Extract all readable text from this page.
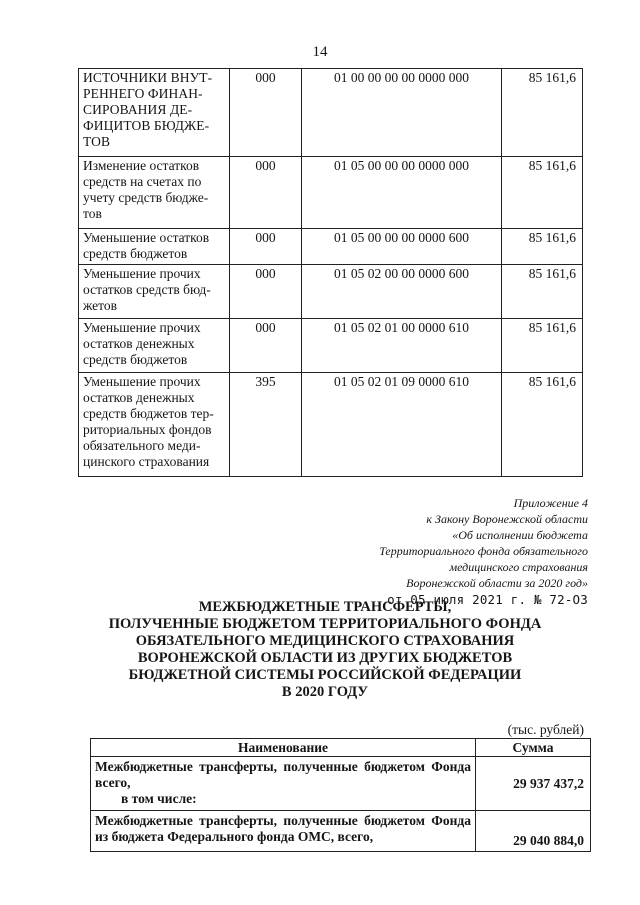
14
ИСТОЧНИКИ ВНУТ-РЕННЕГО ФИНАН-СИРОВАНИЯ ДЕ-ФИЦИТОВ БЮДЖЕ-ТОВ	000	01 00 00 00 00 0000 000	85 161,6
Изменение остатков средств на счетах по учету средств бюдже-тов	000	01 05 00 00 00 0000 000	85 161,6
Уменьшение остатков средств бюджетов	000	01 05 00 00 00 0000 600	85 161,6
Уменьшение прочих остатков средств бюд-жетов	000	01 05 02 00 00 0000 600	85 161,6
Уменьшение прочих остатков денежных средств бюджетов	000	01 05 02 01 00 0000 610	85 161,6
Уменьшение прочих остатков денежных средств бюджетов тер-риториальных фондов обязательного меди-цинского страхования	395	01 05 02 01 09 0000 610	85 161,6
Приложение 4
к Закону Воронежской области
«Об исполнении бюджета
Территориального фонда обязательного
медицинского страхования
Воронежской области за 2020 год»
от 05 июля 2021 г. № 72-ОЗ
МЕЖБЮДЖЕТНЫЕ ТРАНСФЕРТЫ,
ПОЛУЧЕННЫЕ БЮДЖЕТОМ ТЕРРИТОРИАЛЬНОГО ФОНДА
ОБЯЗАТЕЛЬНОГО МЕДИЦИНСКОГО СТРАХОВАНИЯ
ВОРОНЕЖСКОЙ ОБЛАСТИ ИЗ ДРУГИХ БЮДЖЕТОВ
БЮДЖЕТНОЙ СИСТЕМЫ РОССИЙСКОЙ ФЕДЕРАЦИИ
В 2020 ГОДУ
(тыс. рублей)
Наименование	Сумма
Межбюджетные трансферты, полученные бюджетом Фонда всего,
в том числе:	29 937 437,2
Межбюджетные трансферты, полученные бюджетом Фонда из бюджета Федерального фонда ОМС, всего,	29 040 884,0
